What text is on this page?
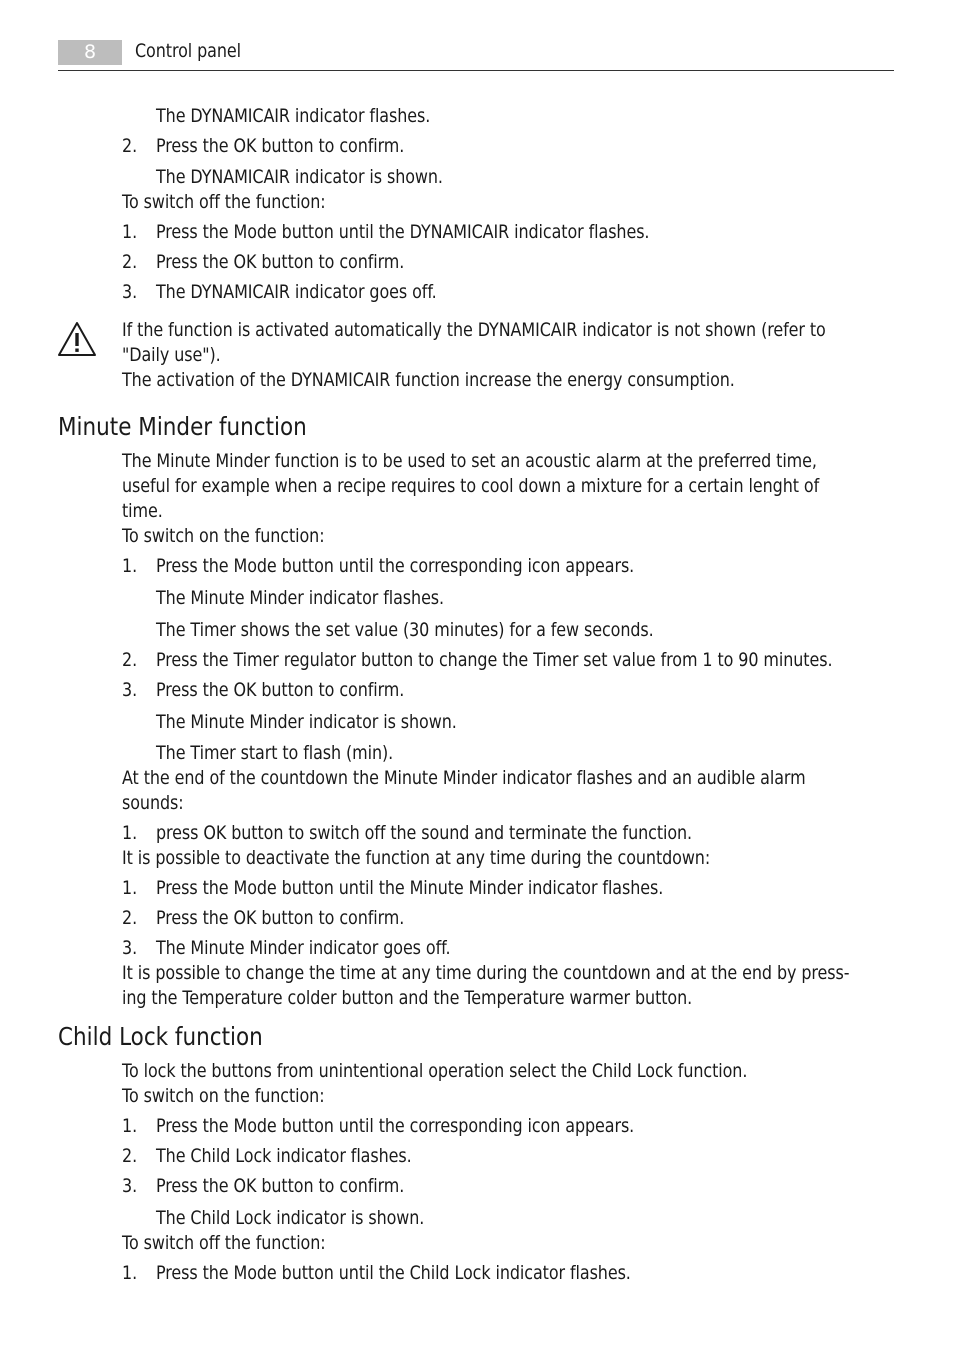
8	Control panel
The DYNAMICAIR indicator flashes.
2. Press the OK button to confirm.
The DYNAMICAIR indicator is shown.
To switch off the function:
1. Press the Mode button until the DYNAMICAIR indicator flashes.
2. Press the OK button to confirm.
3. The DYNAMICAIR indicator goes off.
If the function is activated automatically the DYNAMICAIR indicator is not shown (refer to
"Daily use").
The activation of the DYNAMICAIR function increase the energy consumption.
Minute Minder function
The Minute Minder function is to be used to set an acoustic alarm at the preferred time,
useful for example when a recipe requires to cool down a mixture for a certain lenght of
time.
To switch on the function:
1. Press the Mode button until the corresponding icon appears.
The Minute Minder indicator flashes.
The Timer shows the set value (30 minutes) for a few seconds.
2. Press the Timer regulator button to change the Timer set value from 1 to 90 minutes.
3. Press the OK button to confirm.
The Minute Minder indicator is shown.
The Timer start to flash (min).
At the end of the countdown the Minute Minder indicator flashes and an audible alarm
sounds:
1. press OK button to switch off the sound and terminate the function.
It is possible to deactivate the function at any time during the countdown:
1. Press the Mode button until the Minute Minder indicator flashes.
2. Press the OK button to confirm.
3. The Minute Minder indicator goes off.
It is possible to change the time at any time during the countdown and at the end by press-
ing the Temperature colder button and the Temperature warmer button.
Child Lock function
To lock the buttons from unintentional operation select the Child Lock function.
To switch on the function:
1. Press the Mode button until the corresponding icon appears.
2. The Child Lock indicator flashes.
3. Press the OK button to confirm.
The Child Lock indicator is shown.
To switch off the function:
1. Press the Mode button until the Child Lock indicator flashes.
